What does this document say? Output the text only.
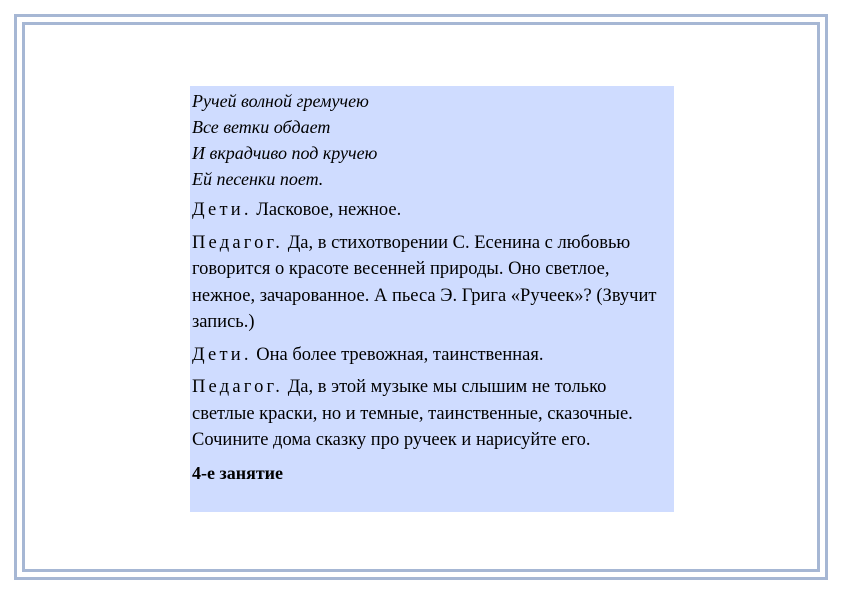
Ручей волной гремучею
Все ветки обдает
И вкрадчиво под кручею
Ей песенки поет.

Дети. Ласковое, нежное.

Педагог. Да, в стихотворении С. Есенина с любовью говорится о красоте весенней природы. Оно светлое, нежное, зачарованное. А пьеса Э. Грига «Ручеек»? (Звучит запись.)

Дети. Она более тревожная, таинственная.

Педагог. Да, в этой музыке мы слышим не только светлые краски, но и темные, таинственные, сказочные. Сочините дома сказку про ручеек и нарисуйте его.

4-е занятие
